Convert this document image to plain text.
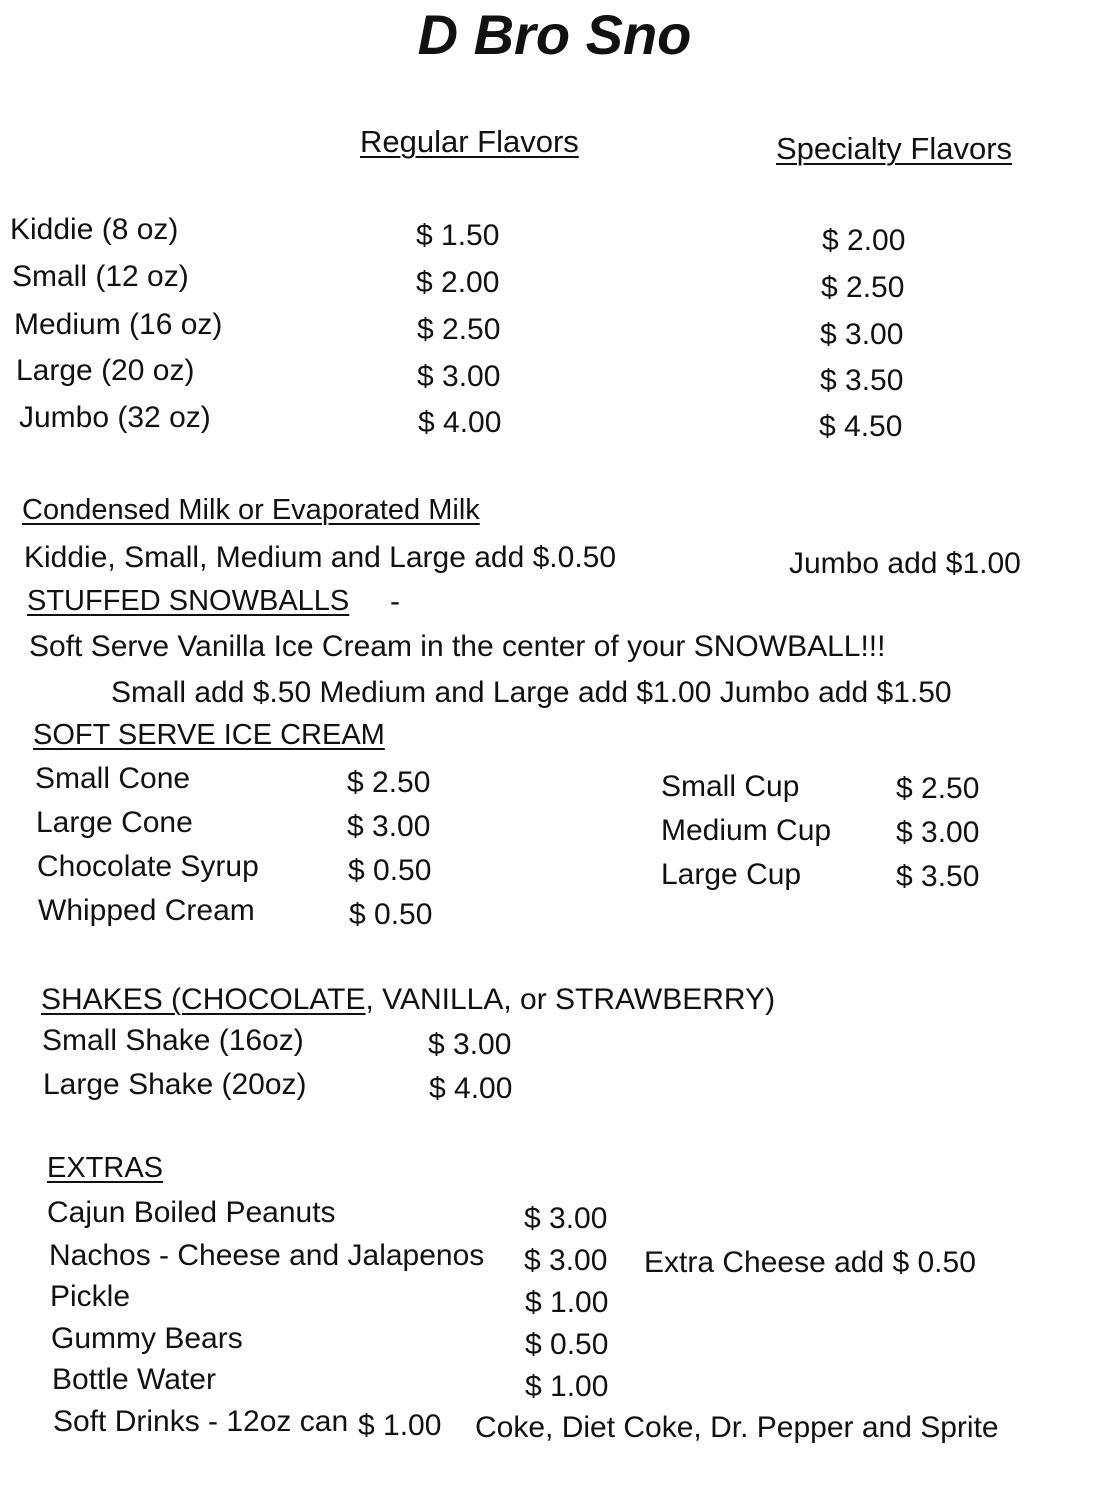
D Bro Sno
Regular Flavors	Specialty Flavors
Kiddie (8 oz)	$ 1.50	$ 2.00
Small (12 oz)	$ 2.00	$ 2.50
Medium (16 oz)	$ 2.50	$ 3.00
Large (20 oz)	$ 3.00	$ 3.50
Jumbo (32 oz)	$ 4.00	$ 4.50
Condensed Milk or Evaporated Milk
Kiddie, Small, Medium and Large add $.0.50	Jumbo add $1.00
STUFFED SNOWBALLS -
Soft Serve Vanilla Ice Cream in the center of your SNOWBALL!!!
Small add $.50 Medium and Large add $1.00 Jumbo add $1.50
SOFT SERVE ICE CREAM
Small Cone	$ 2.50
Large Cone	$ 3.00
Chocolate Syrup	$ 0.50
Whipped Cream	$ 0.50
Small Cup	$ 2.50
Medium Cup $ 3.00
Large Cup	$ 3.50
SHAKES (CHOCOLATE, VANILLA, or STRAWBERRY)
Small Shake (16oz)	$ 3.00
Large Shake (20oz)	$ 4.00
EXTRAS
Cajun Boiled Peanuts	$ 3.00
Nachos - Cheese and Jalapenos $ 3.00 Extra Cheese add $ 0.50
Pickle	$ 1.00
Gummy Bears	$ 0.50
Bottle Water	$ 1.00
Soft Drinks - 12oz can $ 1.00 Coke, Diet Coke, Dr. Pepper and Sprite
